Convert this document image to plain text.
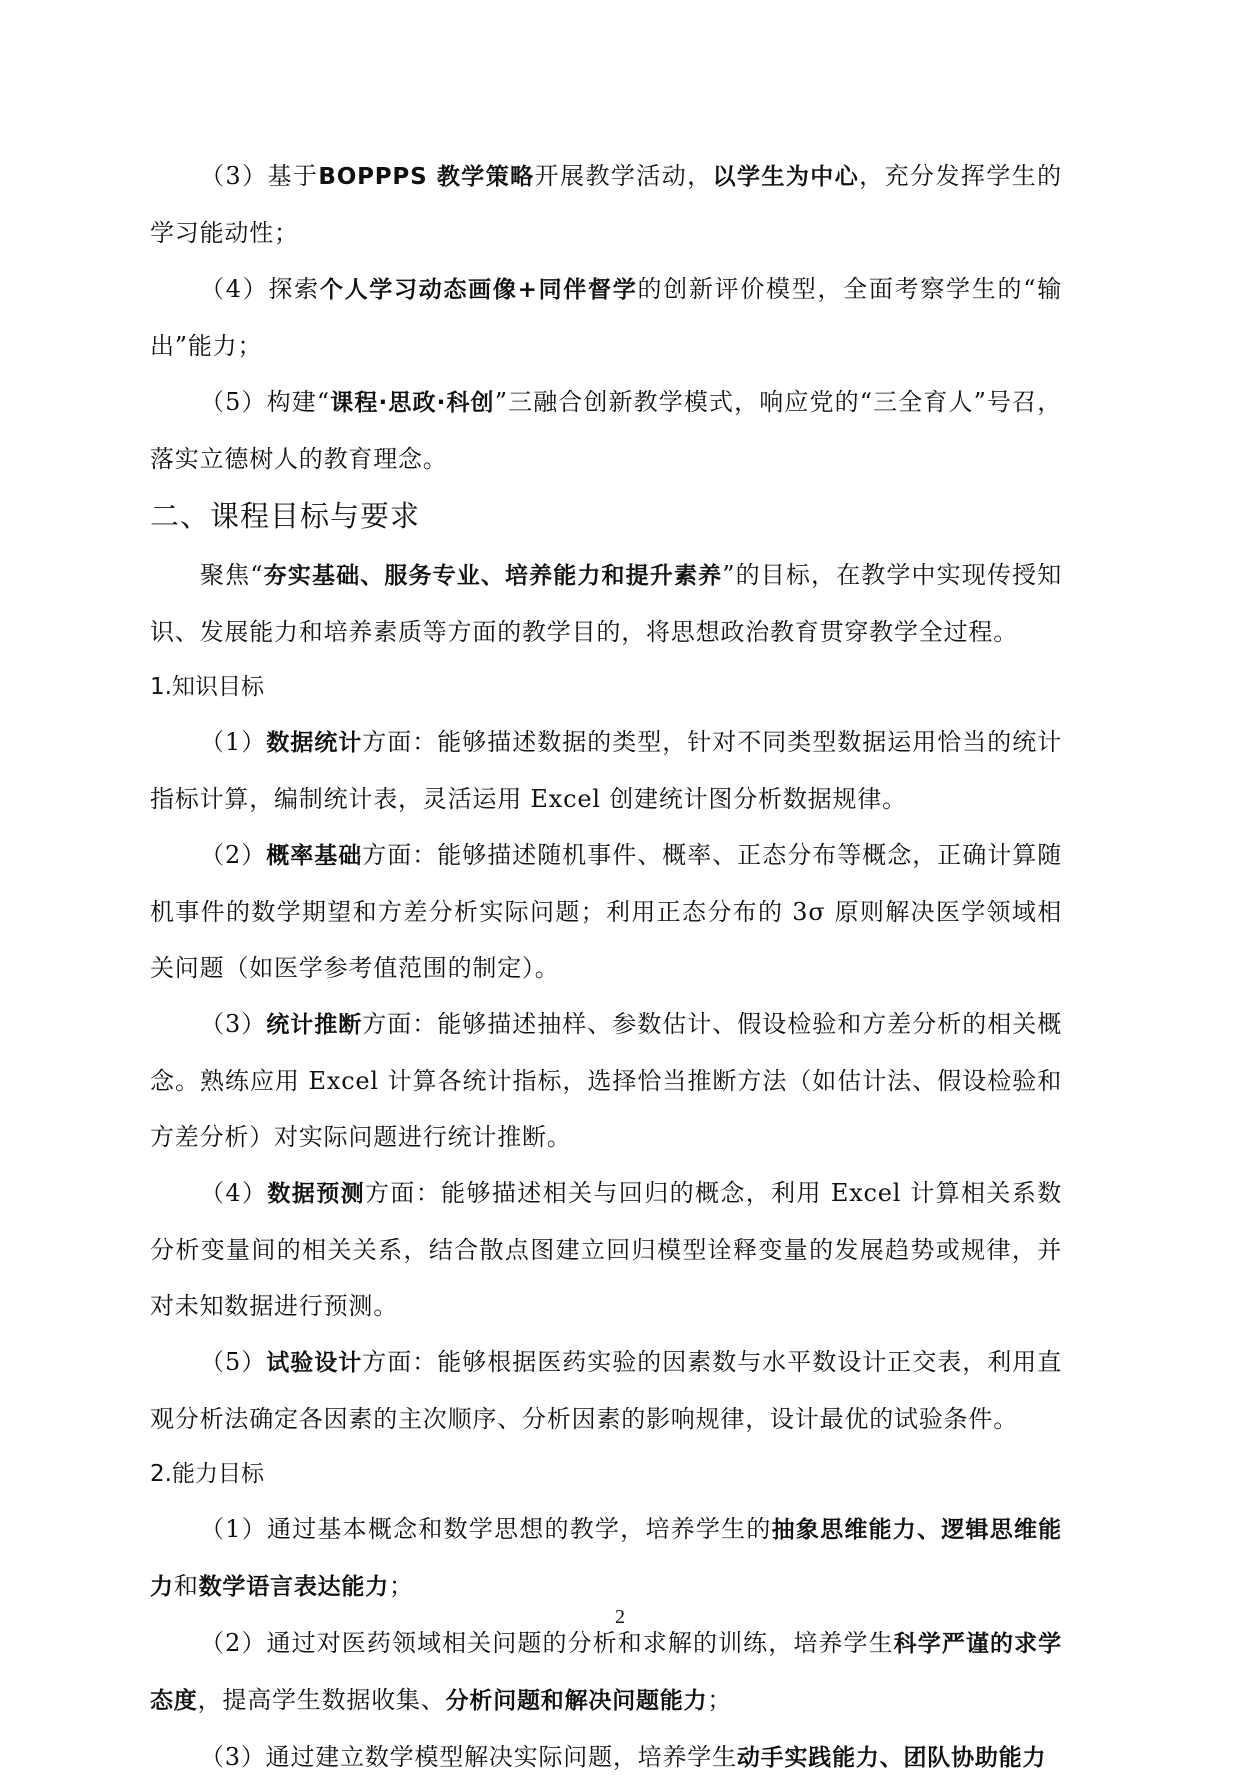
（3）基于BOPPPS 教学策略开展教学活动，以学生为中心，充分发挥学生的学习能动性；

（4）探索个人学习动态画像+同伴督学的创新评价模型，全面考察学生的“输出”能力；

（5）构建“课程·思政·科创”三融合创新教学模式，响应党的“三全育人”号召，落实立德树人的教育理念。

二、课程目标与要求

聚焦“夯实基础、服务专业、培养能力和提升素养”的目标，在教学中实现传授知识、发展能力和培养素质等方面的教学目的，将思想政治教育贯穿教学全过程。

1.知识目标

（1）数据统计方面：能够描述数据的类型，针对不同类型数据运用恰当的统计指标计算，编制统计表，灵活运用 Excel 创建统计图分析数据规律。

（2）概率基础方面：能够描述随机事件、概率、正态分布等概念，正确计算随机事件的数学期望和方差分析实际问题；利用正态分布的 3σ 原则解决医学领域相关问题（如医学参考值范围的制定）。

（3）统计推断方面：能够描述抽样、参数估计、假设检验和方差分析的相关概念。熟练应用 Excel 计算各统计指标，选择恰当推断方法（如估计法、假设检验和方差分析）对实际问题进行统计推断。

（4）数据预测方面：能够描述相关与回归的概念，利用 Excel 计算相关系数分析变量间的相关关系，结合散点图建立回归模型诠释变量的发展趋势或规律，并对未知数据进行预测。

（5）试验设计方面：能够根据医药实验的因素数与水平数设计正交表，利用直观分析法确定各因素的主次顺序、分析因素的影响规律，设计最优的试验条件。

2.能力目标

（1）通过基本概念和数学思想的教学，培养学生的抽象思维能力、逻辑思维能力和数学语言表达能力；

（2）通过对医药领域相关问题的分析和求解的训练，培养学生科学严谨的求学态度，提高学生数据收集、分析问题和解决问题能力；

（3）通过建立数学模型解决实际问题，培养学生动手实践能力、团队协助能力

2
